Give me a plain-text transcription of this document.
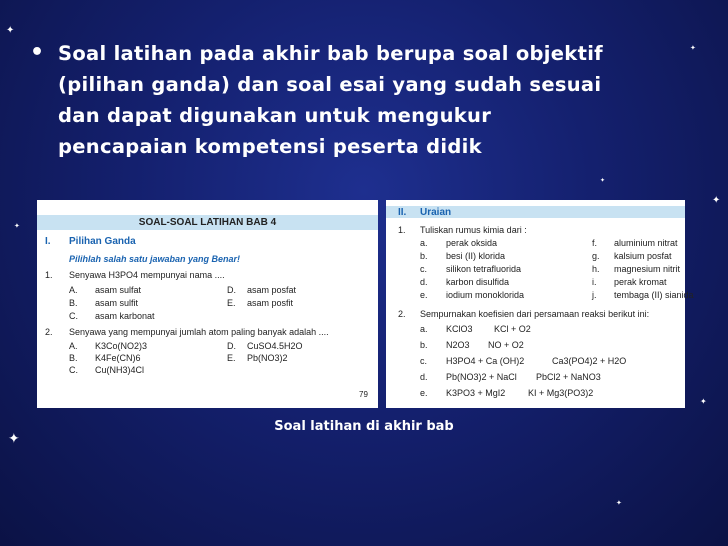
✦
✦
✦
✦
✦
✦
✦
✦
• Soal latihan pada akhir bab berupa soal objektif
(pilihan ganda) dan soal esai yang sudah sesuai
dan dapat digunakan untuk mengukur
pencapaian kompetensi peserta didik
SOAL-SOAL LATIHAN BAB 4
I. Pilihan Ganda
Pilihlah salah satu jawaban yang Benar!
1. Senyawa H3PO4 mempunyai nama ....
A. asam sulfat
B. asam sulfit
C. asam karbonat
D. asam posfat
E. asam posfit
2. Senyawa yang mempunyai jumlah atom paling banyak adalah ....
A. K3Co(NO2)3
B. K4Fe(CN)6
C. Cu(NH3)4Cl
D. CuSO4.5H2O
E. Pb(NO3)2
79
II. Uraian
1. Tuliskan rumus kimia dari :
a. perak oksida
b. besi (II) klorida
c. silikon tetrafluorida
d. karbon disulfida
e. iodium monoklorida
f. aluminium nitrat
g. kalsium posfat
h. magnesium nitrit
i. perak kromat
j. tembaga (II) sianida
2. Sempurnakan koefisien dari persamaan reaksi berikut ini:
a. KClO3 KCl + O2
b. N2O3 NO + O2
c. H3PO4 + Ca (OH)2	Ca3(PO4)2 + H2O
d. Pb(NO3)2 + NaCl PbCl2 + NaNO3
e. K3PO3 + MgI2	KI + Mg3(PO3)2
Soal latihan di akhir bab
